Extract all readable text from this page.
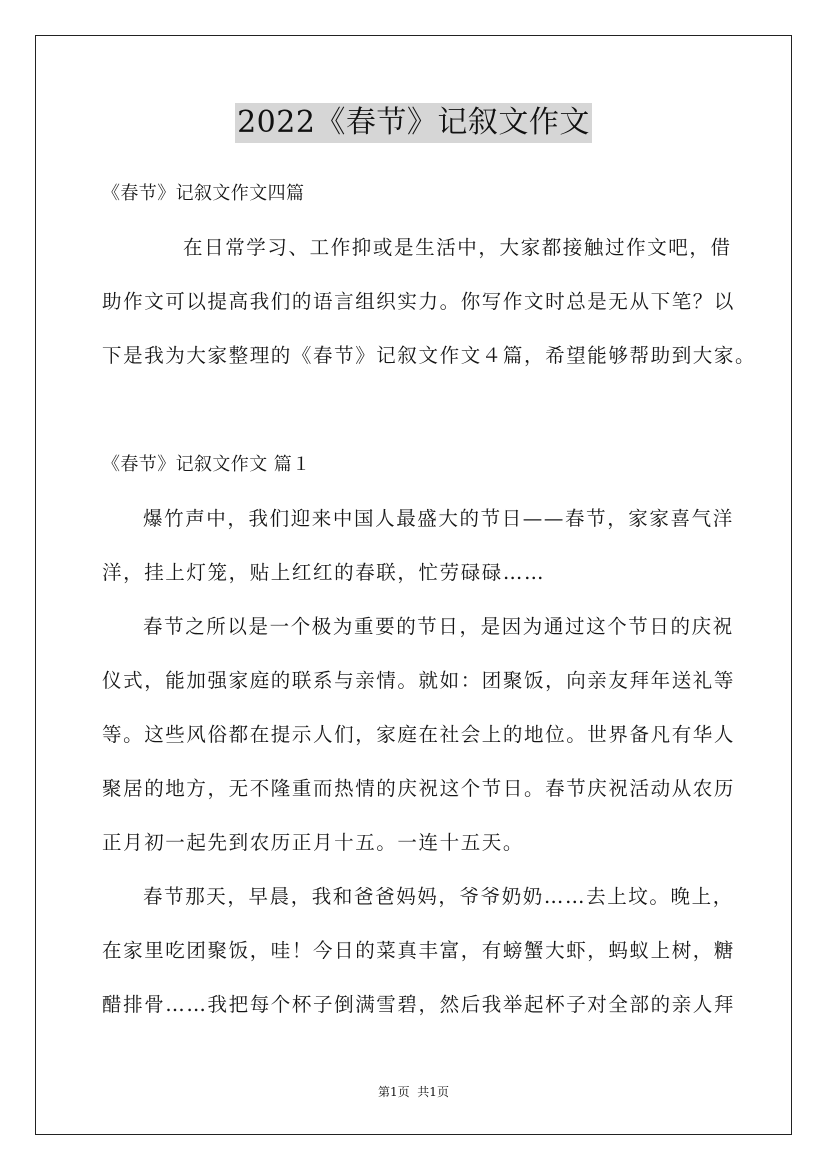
2022《春节》记叙文作文
《春节》记叙文作文四篇
在日常学习、工作抑或是生活中，大家都接触过作文吧，借
助作文可以提高我们的语言组织实力。你写作文时总是无从下笔？以
下是我为大家整理的《春节》记叙文作文４篇，希望能够帮助到大家。
《春节》记叙文作文 篇１
爆竹声中，我们迎来中国人最盛大的节日——春节，家家喜气洋
洋，挂上灯笼，贴上红红的春联，忙劳碌碌……
春节之所以是一个极为重要的节日，是因为通过这个节日的庆祝
仪式，能加强家庭的联系与亲情。就如：团聚饭，向亲友拜年送礼等
等。这些风俗都在提示人们，家庭在社会上的地位。世界备凡有华人
聚居的地方，无不隆重而热情的庆祝这个节日。春节庆祝活动从农历
正月初一起先到农历正月十五。一连十五天。
春节那天，早晨，我和爸爸妈妈，爷爷奶奶……去上坟。晚上，
在家里吃团聚饭，哇！今日的菜真丰富，有螃蟹大虾，蚂蚁上树，糖
醋排骨……我把每个杯子倒满雪碧，然后我举起杯子对全部的亲人拜
第1页  共1页
